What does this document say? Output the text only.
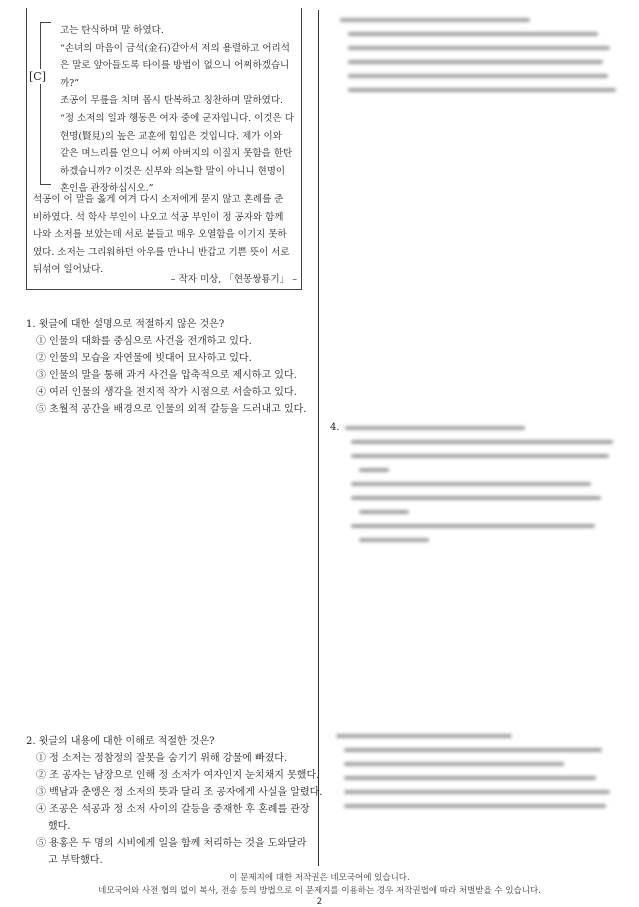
[C]
고는 탄식하며 말 하였다.
“손녀의 마음이 금석(金石)같아서 저의 용렬하고 어리석
은 말로 앞아들도록 타이를 방법이 없으니 어찌하겠습니
까?”
조공이 무릎을 치며 몹시 탄복하고 칭찬하며 말하였다.
“정 소저의 일과 행동은 여자 중에 군자입니다. 이것은 다
현명(賢見)의 높은 교훈에 힘입은 것입니다. 제가 이와
같은 며느리를 얻으니 어찌 아버지의 이질지 못함을 한탄
하겠습니까? 이것은 신부와 의논할 말이 아니니 현명이
혼인을 관장하십시오.”
석공이 이 말을 옳게 여겨 다시 소저에게 묻지 않고 혼례를 준
비하였다. 석 학사 부인이 나오고 석공 부인이 정 공자와 함께
나와 소저를 보았는데 서로 붙들고 매우 오열함을 이기지 못하
였다. 소저는 그리워하던 아우를 만나니 반갑고 기쁜 뜻이 서로
뒤섞여 일어났다.
– 작자 미상, 「현몽쌍룡기」 –
1. 윗글에 대한 설명으로 적절하지 않은 것은?
① 인물의 대화를 중심으로 사건을 전개하고 있다.
② 인물의 모습을 자연물에 빗대어 묘사하고 있다.
③ 인물의 말을 통해 과거 사건을 압축적으로 제시하고 있다.
④ 여러 인물의 생각을 전지적 작가 시점으로 서술하고 있다.
⑤ 초월적 공간을 배경으로 인물의 외적 갈등을 드러내고 있다.
2. 윗글의 내용에 대한 이해로 적절한 것은?
① 정 소저는 정참정의 잘못을 숨기기 위해 강물에 빠졌다.
② 조 공자는 남장으로 인해 정 소저가 여자인지 눈치채지 못했다.
③ 백남과 춘앵은 정 소저의 뜻과 달리 조 공자에게 사실을 알렸다.
④ 조공은 석공과 정 소저 사이의 갈등을 중재한 후 혼례를 관장
했다.
⑤ 용홍은 두 명의 시비에게 일을 함께 처리하는 것을 도와달라
고 부탁했다.
4.
이 문제지에 대한 저작권은 네모국어에 있습니다.
네모국어와 사전 협의 없이 복사, 전송 등의 방법으로 이 문제지를 이용하는 경우 저작권법에 따라 처벌받을 수 있습니다.
2
